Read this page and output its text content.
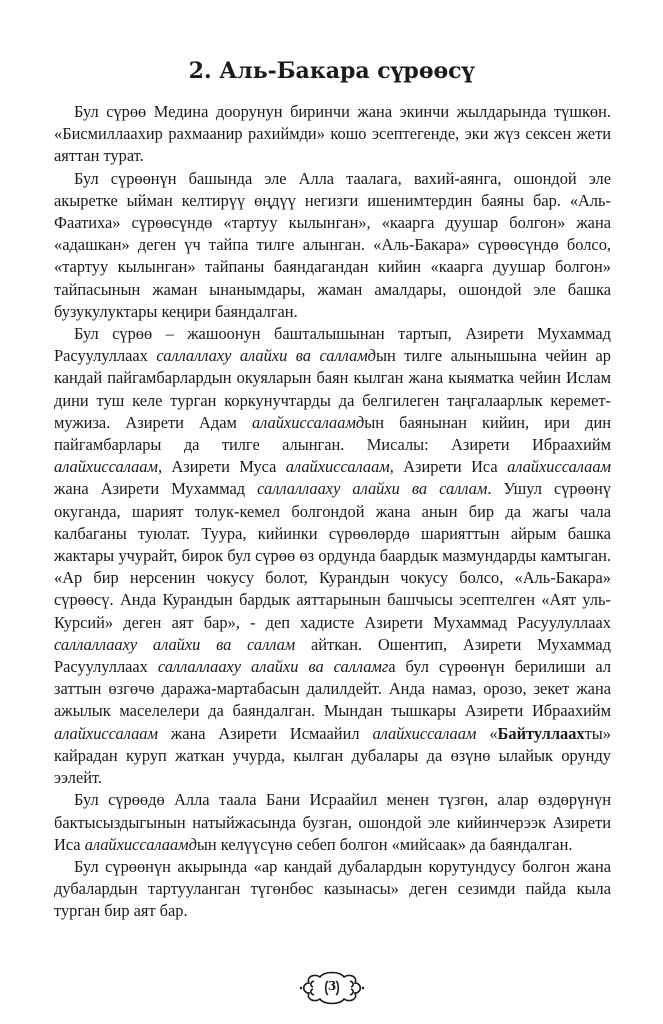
2. Аль-Бакара сүрөөсү

Бул сүрөө Медина доорунун биринчи жана экинчи жылдарында түшкөн. «Бисмиллаахир рахмаанир рахиймди» кошо эсептегенде, эки жүз сексен жети аяттан турат.

Бул сүрөөнүн башында эле Алла таалага, вахий-аянга, ошондой эле акыретке ыйман келтирүү өңдүү негизги ишенимтердин баяны бар. «Аль-Фаатиха» сүрөөсүндө «тартуу кылынган», «каарга дуушар болгон» жана «адашкан» деген үч тайпа тилге алынган. «Аль-Бакара» сүрөөсүндө болсо, «тартуу кылынган» тайпаны баяндагандан кийин «каарга дуушар болгон» тайпасынын жаман ынанымдары, жаман амалдары, ошондой эле башка бузукулуктары кеңири баяндалган.

Бул сүрөө – жашоонун башталышынан тартып, Азирети Мухаммад Расуулуллаах саллаллаху алайхи ва салламдын тилге алынышына чейин ар кандай пайгамбарлардын окуяларын баян кылган жана кыяматка чейин Ислам дини туш келе турган коркунучтарды да белгилеген таңгалаарлык керемет-мужиза. Азирети Адам алайхиссалаамдын баянынан кийин, ири дин пайгамбарлары да тилге алынган. Мисалы: Азирети Ибраахийм алайхиссалаам, Азирети Муса алайхиссалаам, Азирети Иса алайхиссалаам жана Азирети Мухаммад саллаллааху алайхи ва саллам. Ушул сүрөөнү окуганда, шарият толук-кемел болгондой жана анын бир да жагы чала калбаганы туюлат. Туура, кийинки сүрөөлөрдө шарияттын айрым башка жактары учурайт, бирок бул сүрөө өз ордунда баардык мазмундарды камтыган. «Ар бир нерсенин чокусу болот, Курандын чокусу болсо, «Аль-Бакара» сүрөөсү. Анда Курандын бардык аяттарынын башчысы эсептелген «Аят уль-Курсий» деген аят бар», - деп хадисте Азирети Мухаммад Расуулуллаах саллаллааху алайхи ва саллам айткан. Ошентип, Азирети Мухаммад Расуулуллаах саллаллааху алайхи ва салламга бул сүрөөнүн берилиши ал заттын өзгөчө даража-мартабасын далилдейт. Анда намаз, орозо, зекет жана ажылык маселелери да баяндалган. Мындан тышкары Азирети Ибраахийм алайхиссалаам жана Азирети Исмаайил алайхиссалаам «Байтуллаахты» кайрадан куруп жаткан учурда, кылган дубалары да өзүнө ылайык орунду ээлейт.

Бул сүрөөдө Алла таала Бани Исраайил менен түзгөн, алар өздөрүнүн бактысыздыгынын натыйжасында бузган, ошондой эле кийинчерээк Азирети Иса алайхиссалаамдын келүүсүнө себеп болгон «мийсаак» да баяндалган.

Бул сүрөөнүн акырында «ар кандай дубалардын корутундусу болгон жана дубалардын тартууланган түгөнбөс казынасы» деген сезимди пайда кыла турган бир аят бар.

3
